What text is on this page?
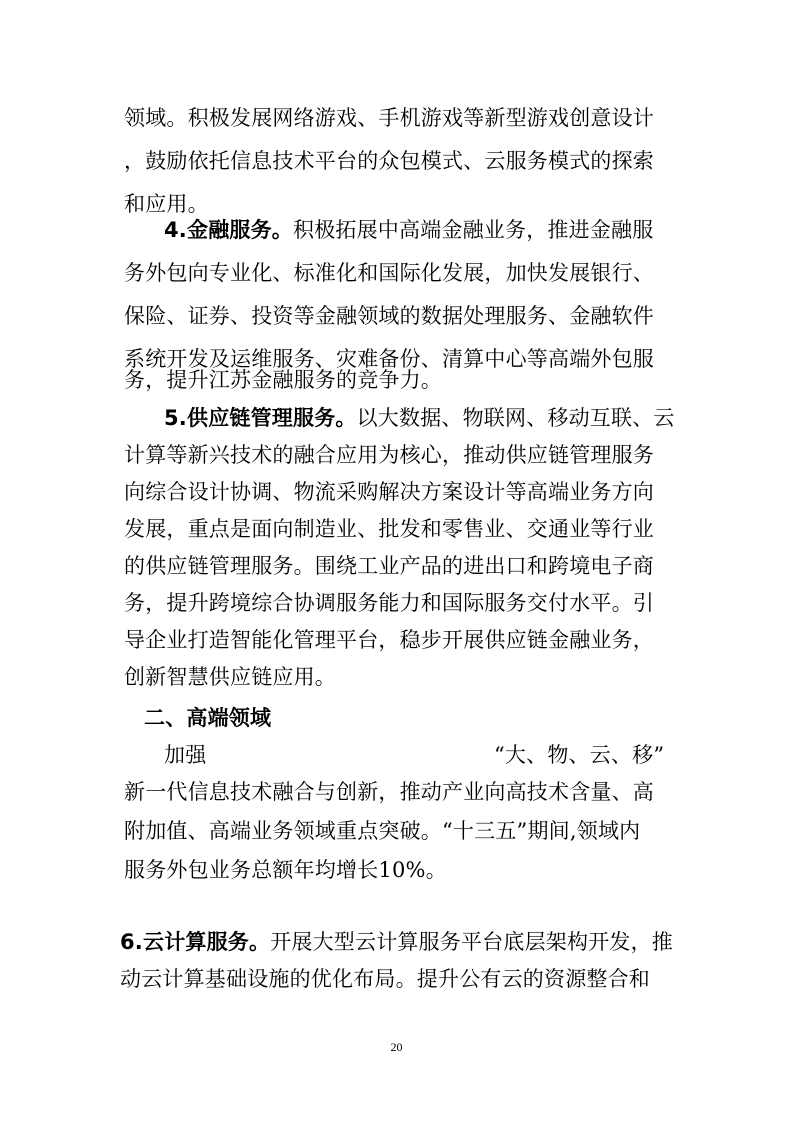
领域。积极发展网络游戏、手机游戏等新型游戏创意设计
，鼓励依托信息技术平台的众包模式、云服务模式的探索
和应用。
4.金融服务。积极拓展中高端金融业务，推进金融服
务外包向专业化、标准化和国际化发展，加快发展银行、
保险、证券、投资等金融领域的数据处理服务、金融软件
系统开发及运维服务、灾难备份、清算中心等高端外包服
务，提升江苏金融服务的竞争力。
5.供应链管理服务。以大数据、物联网、移动互联、云
计算等新兴技术的融合应用为核心，推动供应链管理服务
向综合设计协调、物流采购解决方案设计等高端业务方向
发展，重点是面向制造业、批发和零售业、交通业等行业
的供应链管理服务。围绕工业产品的进出口和跨境电子商
务，提升跨境综合协调服务能力和国际服务交付水平。引
导企业打造智能化管理平台，稳步开展供应链金融业务，
创新智慧供应链应用。
二、高端领域
加强	“大、物、云、移”
新一代信息技术融合与创新，推动产业向高技术含量、高
附加值、高端业务领域重点突破。“十三五”期间,领域内
服务外包业务总额年均增长10%。
6.云计算服务。开展大型云计算服务平台底层架构开发，推
动云计算基础设施的优化布局。提升公有云的资源整合和
20
